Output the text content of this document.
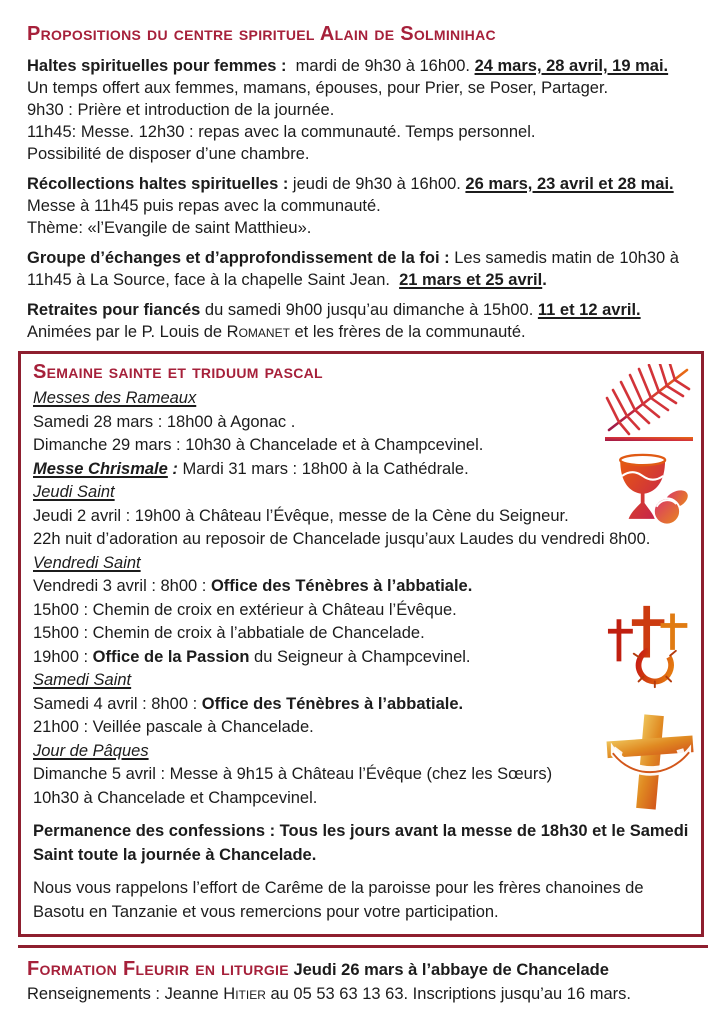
Propositions du centre spirituel Alain de Solminihac
Haltes spirituelles pour femmes :  mardi de 9h30 à 16h00. 24 mars, 28 avril, 19 mai.
Un temps offert aux femmes, mamans, épouses, pour Prier, se Poser, Partager.
9h30 : Prière et introduction de la journée.
11h45: Messe. 12h30 : repas avec la communauté. Temps personnel.
Possibilité de disposer d’une chambre.
Récollections haltes spirituelles : jeudi de 9h30 à 16h00. 26 mars, 23 avril et 28 mai.
Messe à 11h45 puis repas avec la communauté.
Thème: «l’Evangile de saint Matthieu».
Groupe d’échanges et d’approfondissement de la foi : Les samedis matin de 10h30 à
11h45 à La Source, face à la chapelle Saint Jean.  21 mars et 25 avril.
Retraites pour fiancés du samedi 9h00 jusqu’au dimanche à 15h00. 11 et 12 avril.
Animées par le P. Louis de Romanet et les frères de la communauté.
Semaine sainte et triduum pascal
Messes des Rameaux
Samedi 28 mars : 18h00 à Agonac .
Dimanche 29 mars : 10h30 à Chancelade et à Champcevinel.
Messe Chrismale : Mardi 31 mars : 18h00 à la Cathédrale.
Jeudi Saint
Jeudi 2 avril : 19h00 à Château l’Évêque, messe de la Cène du Seigneur.
22h nuit d’adoration au reposoir de Chancelade jusqu’aux Laudes du vendredi 8h00.
Vendredi Saint
Vendredi 3 avril : 8h00 : Office des Ténèbres à l’abbatiale.
15h00 : Chemin de croix en extérieur à Château l’Évêque.
15h00 : Chemin de croix à l’abbatiale de Chancelade.
19h00 : Office de la Passion du Seigneur à Champcevinel.
Samedi Saint
Samedi 4 avril : 8h00 : Office des Ténèbres à l’abbatiale.
21h00 : Veillée pascale à Chancelade.
Jour de Pâques
Dimanche 5 avril : Messe à 9h15 à Château l’Évêque (chez les Sœurs)
10h30 à Chancelade et Champcevinel.
Permanence des confessions : Tous les jours avant la messe de 18h30 et le Samedi
Saint toute la journée à Chancelade.
Nous vous rappelons l’effort de Carême de la paroisse pour les frères chanoines de
Basotu en Tanzanie et vous remercions pour votre participation.
Formation Fleurir en liturgie Jeudi 26 mars à l’abbaye de Chancelade
Renseignements : Jeanne Hitier au 05 53 63 13 63. Inscriptions jusqu’au 16 mars.
